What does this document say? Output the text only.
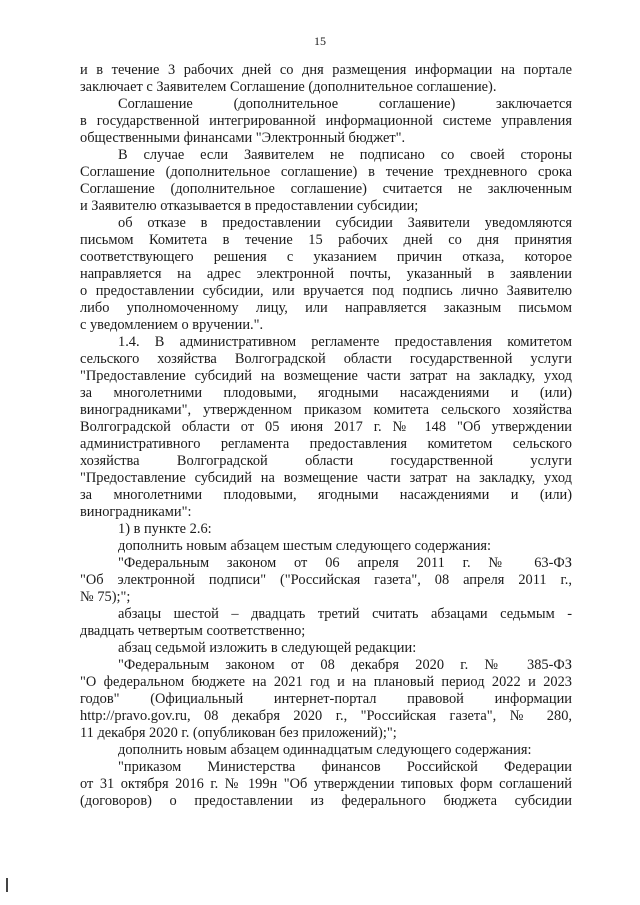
15
и в течение 3 рабочих дней со дня размещения информации на портале
заключает с Заявителем Соглашение (дополнительное соглашение).
Соглашение (дополнительное соглашение) заключается
в государственной интегрированной информационной системе управления
общественными финансами "Электронный бюджет".
В случае если Заявителем не подписано со своей стороны
Соглашение (дополнительное соглашение) в течение трехдневного срока
Соглашение (дополнительное соглашение) считается не заключенным
и Заявителю отказывается в предоставлении субсидии;
об отказе в предоставлении субсидии Заявители уведомляются
письмом Комитета в течение 15 рабочих дней со дня принятия
соответствующего решения с указанием причин отказа, которое
направляется на адрес электронной почты, указанный в заявлении
о предоставлении субсидии, или вручается под подпись лично Заявителю
либо уполномоченному лицу, или направляется заказным письмом
с уведомлением о вручении.".
1.4. В административном регламенте предоставления комитетом
сельского хозяйства Волгоградской области государственной услуги
"Предоставление субсидий на возмещение части затрат на закладку, уход
за многолетними плодовыми, ягодными насаждениями и (или)
виноградниками", утвержденном приказом комитета сельского хозяйства
Волгоградской области от 05 июня 2017 г. № 148 "Об утверждении
административного регламента предоставления комитетом сельского
хозяйства Волгоградской области государственной услуги
"Предоставление субсидий на возмещение части затрат на закладку, уход
за многолетними плодовыми, ягодными насаждениями и (или)
виноградниками":
1) в пункте 2.6:
дополнить новым абзацем шестым следующего содержания:
"Федеральным законом от 06 апреля 2011 г. № 63-ФЗ
"Об электронной подписи" ("Российская газета", 08 апреля 2011 г.,
№ 75);";
абзацы шестой – двадцать третий считать абзацами седьмым -
двадцать четвертым соответственно;
абзац седьмой изложить в следующей редакции:
"Федеральным законом от 08 декабря 2020 г. № 385-ФЗ
"О федеральном бюджете на 2021 год и на плановый период 2022 и 2023
годов" (Официальный интернет-портал правовой информации
http://pravo.gov.ru, 08 декабря 2020 г., "Российская газета", № 280,
11 декабря 2020 г. (опубликован без приложений);";
дополнить новым абзацем одиннадцатым следующего содержания:
"приказом Министерства финансов Российской Федерации
от 31 октября 2016 г. № 199н "Об утверждении типовых форм соглашений
(договоров) о предоставлении из федерального бюджета субсидии
